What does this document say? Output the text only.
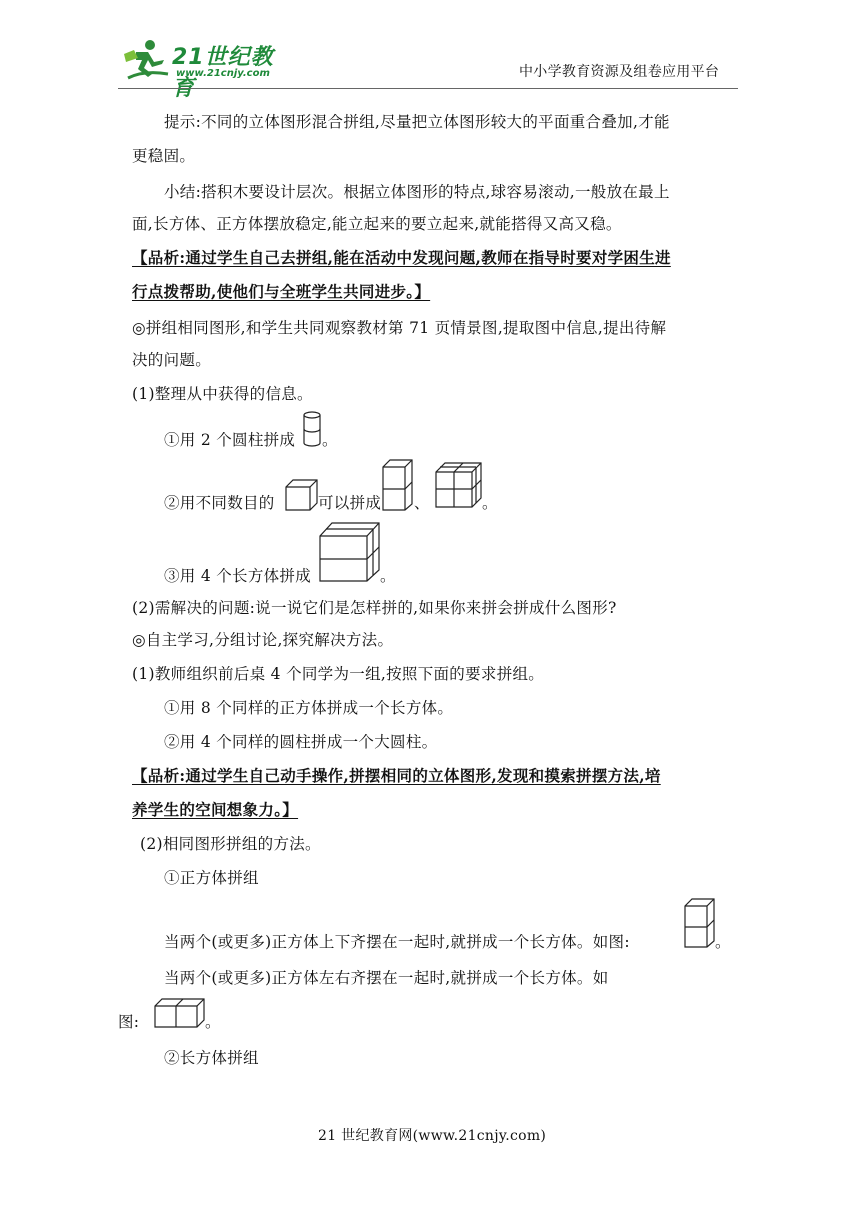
21世纪教育
www.21cnjy.com	中小学教育资源及组卷应用平台
提示:不同的立体图形混合拼组,尽量把立体图形较大的平面重合叠加,才能
更稳固。
小结:搭积木要设计层次。根据立体图形的特点,球容易滚动,一般放在最上
面,长方体、正方体摆放稳定,能立起来的要立起来,就能搭得又高又稳。
【品析:通过学生自己去拼组,能在活动中发现问题,教师在指导时要对学困生进
行点拨帮助,使他们与全班学生共同进步。】
◎拼组相同图形,和学生共同观察教材第 71 页情景图,提取图中信息,提出待解
决的问题。
(1)整理从中获得的信息。
①用 2 个圆柱拼成 。
②用不同数目的	可以拼成 、	。
③用 4 个长方体拼成	。
(2)需解决的问题:说一说它们是怎样拼的,如果你来拼会拼成什么图形?
◎自主学习,分组讨论,探究解决方法。
(1)教师组织前后桌 4 个同学为一组,按照下面的要求拼组。
①用 8 个同样的正方体拼成一个长方体。
②用 4 个同样的圆柱拼成一个大圆柱。
【品析:通过学生自己动手操作,拼摆相同的立体图形,发现和摸索拼摆方法,培
养学生的空间想象力。】
(2)相同图形拼组的方法。
①正方体拼组
当两个(或更多)正方体上下齐摆在一起时,就拼成一个长方体。如图:	。
当两个(或更多)正方体左右齐摆在一起时,就拼成一个长方体。如
图:	。
②长方体拼组
21 世纪教育网(www.21cnjy.com)
